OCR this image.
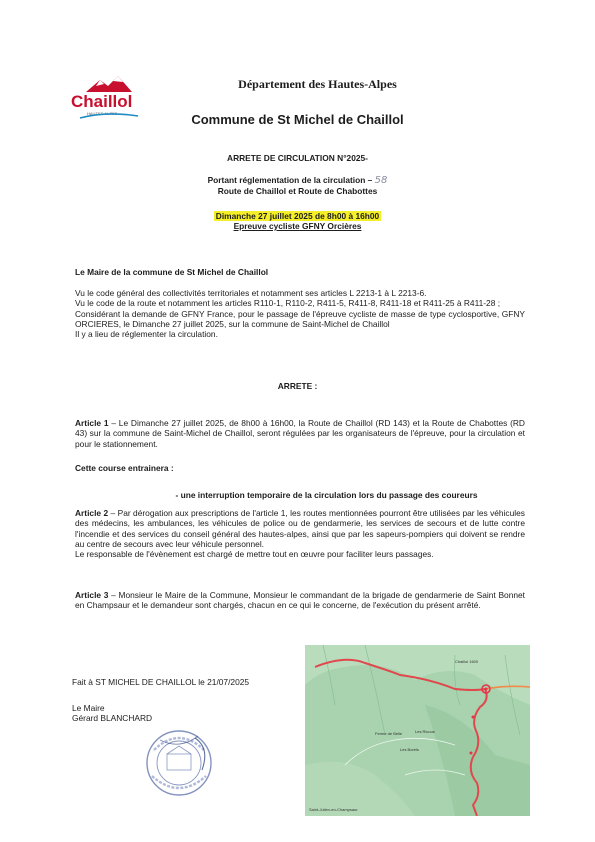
Chaillol
HAUTES-ALPES
Département des Hautes-Alpes
Commune de St Michel de Chaillol
ARRETE DE CIRCULATION N°2025-
Portant réglementation de la circulation – 58
Route de Chaillol et Route de Chabottes
Dimanche 27 juillet 2025 de 8h00 à 16h00
Epreuve cycliste GFNY Orcières
Le Maire de la commune de St Michel de Chaillol
Vu le code général des collectivités territoriales et notamment ses articles L 2213-1 à L 2213-6.
Vu le code de la route et notamment les articles R110-1, R110-2, R411-5, R411-8, R411-18 et R411-25 à R411-28 ;
Considérant la demande de GFNY France, pour le passage de l'épreuve cycliste de masse de type cyclosportive, GFNY ORCIERES, le Dimanche 27 juillet 2025, sur la commune de Saint-Michel de Chaillol
Il y a lieu de réglementer la circulation.
ARRETE :
Article 1 – Le Dimanche 27 juillet 2025, de 8h00 à 16h00, la Route de Chaillol (RD 143) et la Route de Chabottes (RD 43) sur la commune de Saint-Michel de Chaillol, seront régulées par les organisateurs de l'épreuve, pour la circulation et pour le stationnement.
Cette course entrainera :
- une interruption temporaire de la circulation lors du passage des coureurs
Article 2 – Par dérogation aux prescriptions de l'article 1, les routes mentionnées pourront être utilisées par les véhicules des médecins, les ambulances, les véhicules de police ou de gendarmerie, les services de secours et de lutte contre l'incendie et des services du conseil général des hautes-alpes, ainsi que par les sapeurs-pompiers qui doivent se rendre au centre de secours avec leur véhicule personnel.
Le responsable de l'évènement est chargé de mettre tout en œuvre pour faciliter leurs passages.
Article 3 – Monsieur le Maire de la Commune, Monsieur le commandant de la brigade de gendarmerie de Saint Bonnet en Champsaur et le demandeur sont chargés, chacun en ce qui le concerne, de l'exécution du présent arrêté.
Fait à ST MICHEL DE CHAILLOL le 21/07/2025
Le Maire
Gérard BLANCHARD
Chaillol 1600
Ferme de Belle	Les Ricous
Les Borels
Saint-Julien-en-Champsaur
